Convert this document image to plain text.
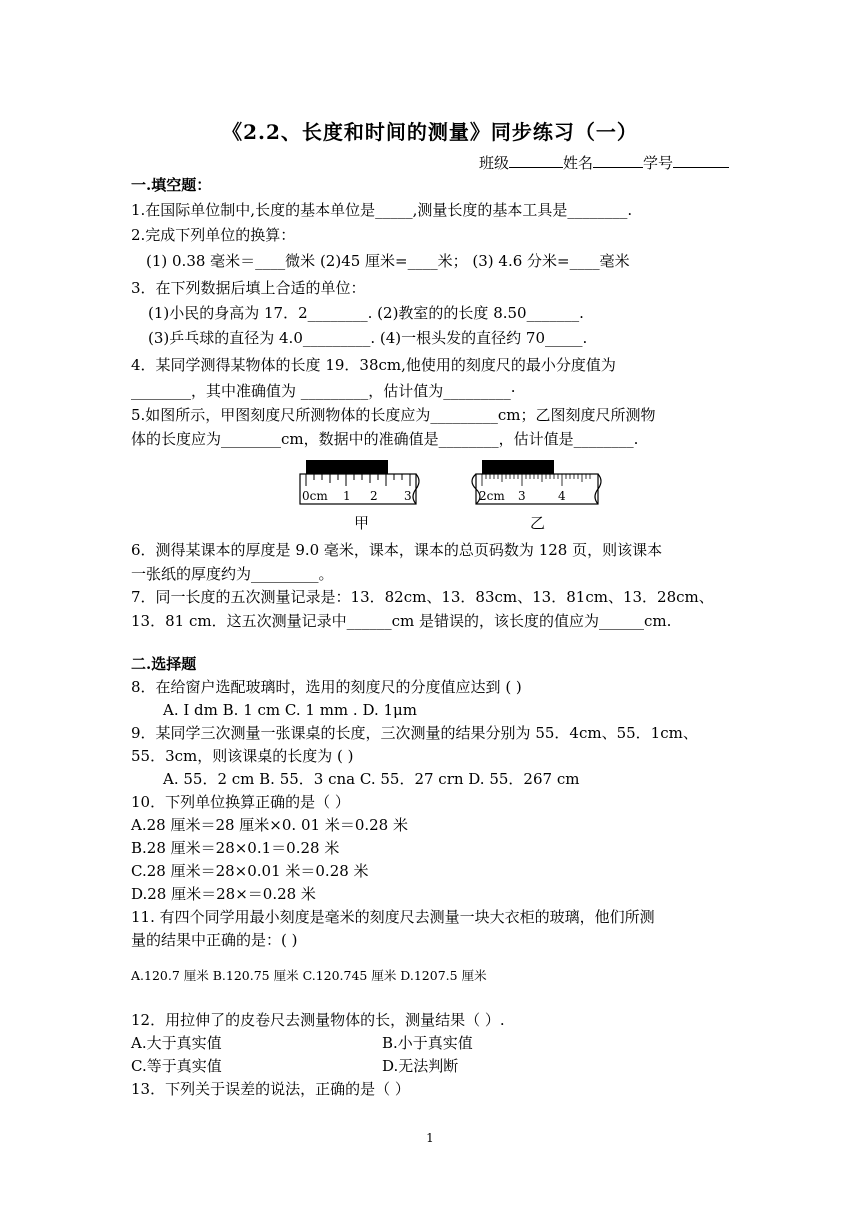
《2.2、长度和时间的测量》同步练习（一）
班级	姓名	学号
一.填空题：
1.在国际单位制中,长度的基本单位是_____,测量长度的基本工具是________.
2.完成下列单位的换算：
(1) 0.38 毫米＝____微米 (2)45 厘米=____米； (3) 4.6 分米=____毫米
3．在下列数据后填上合适的单位：
(1)小民的身高为 17．2________. (2)教室的的长度 8.50_______.
(3)乒乓球的直径为 4.0_________. (4)一根头发的直径约 70_____.
4．某同学测得某物体的长度 19．38cm,他使用的刻度尺的最小分度值为
________，其中准确值为 _________，估计值为_________·
5.如图所示，甲图刻度尺所测物体的长度应为_________cm；乙图刻度尺所测物
体的长度应为________cm，数据中的准确值是________，估计值是________.
0cm 1 2 3
甲
2cm 3	4
乙
6．测得某课本的厚度是 9.0 毫米，课本，课本的总页码数为 128 页，则该课本
一张纸的厚度约为_________。
7．同一长度的五次测量记录是：13．82cm、13．83cm、13．81cm、13．28cm、
13．81 cm．这五次测量记录中______cm 是错误的，该长度的值应为______cm.
二.选择题
8．在给窗户选配玻璃时，选用的刻度尺的分度值应达到 ( )
A. I dm B. 1 cm C. 1 mm . D. 1μm
9．某同学三次测量一张课桌的长度，三次测量的结果分别为 55．4cm、55．1cm、
55．3cm，则该课桌的长度为 ( )
A. 55．2 cm B. 55．3 cna C. 55．27 crn D. 55．267 cm
10．下列单位换算正确的是（ ）
A.28 厘米＝28 厘米×0. 01 米＝0.28 米
B.28 厘米＝28×0.1＝0.28 米
C.28 厘米＝28×0.01 米＝0.28 米
D.28 厘米＝28×＝0.28 米
11. 有四个同学用最小刻度是毫米的刻度尺去测量一块大衣柜的玻璃，他们所测
量的结果中正确的是：( )
A.120.7 厘米 B.120.75 厘米 C.120.745 厘米 D.1207.5 厘米
12．用拉伸了的皮卷尺去测量物体的长，测量结果（ ）.
A.大于真实值	B.小于真实值
C.等于真实值	D.无法判断
13．下列关于误差的说法，正确的是（ ）
1
